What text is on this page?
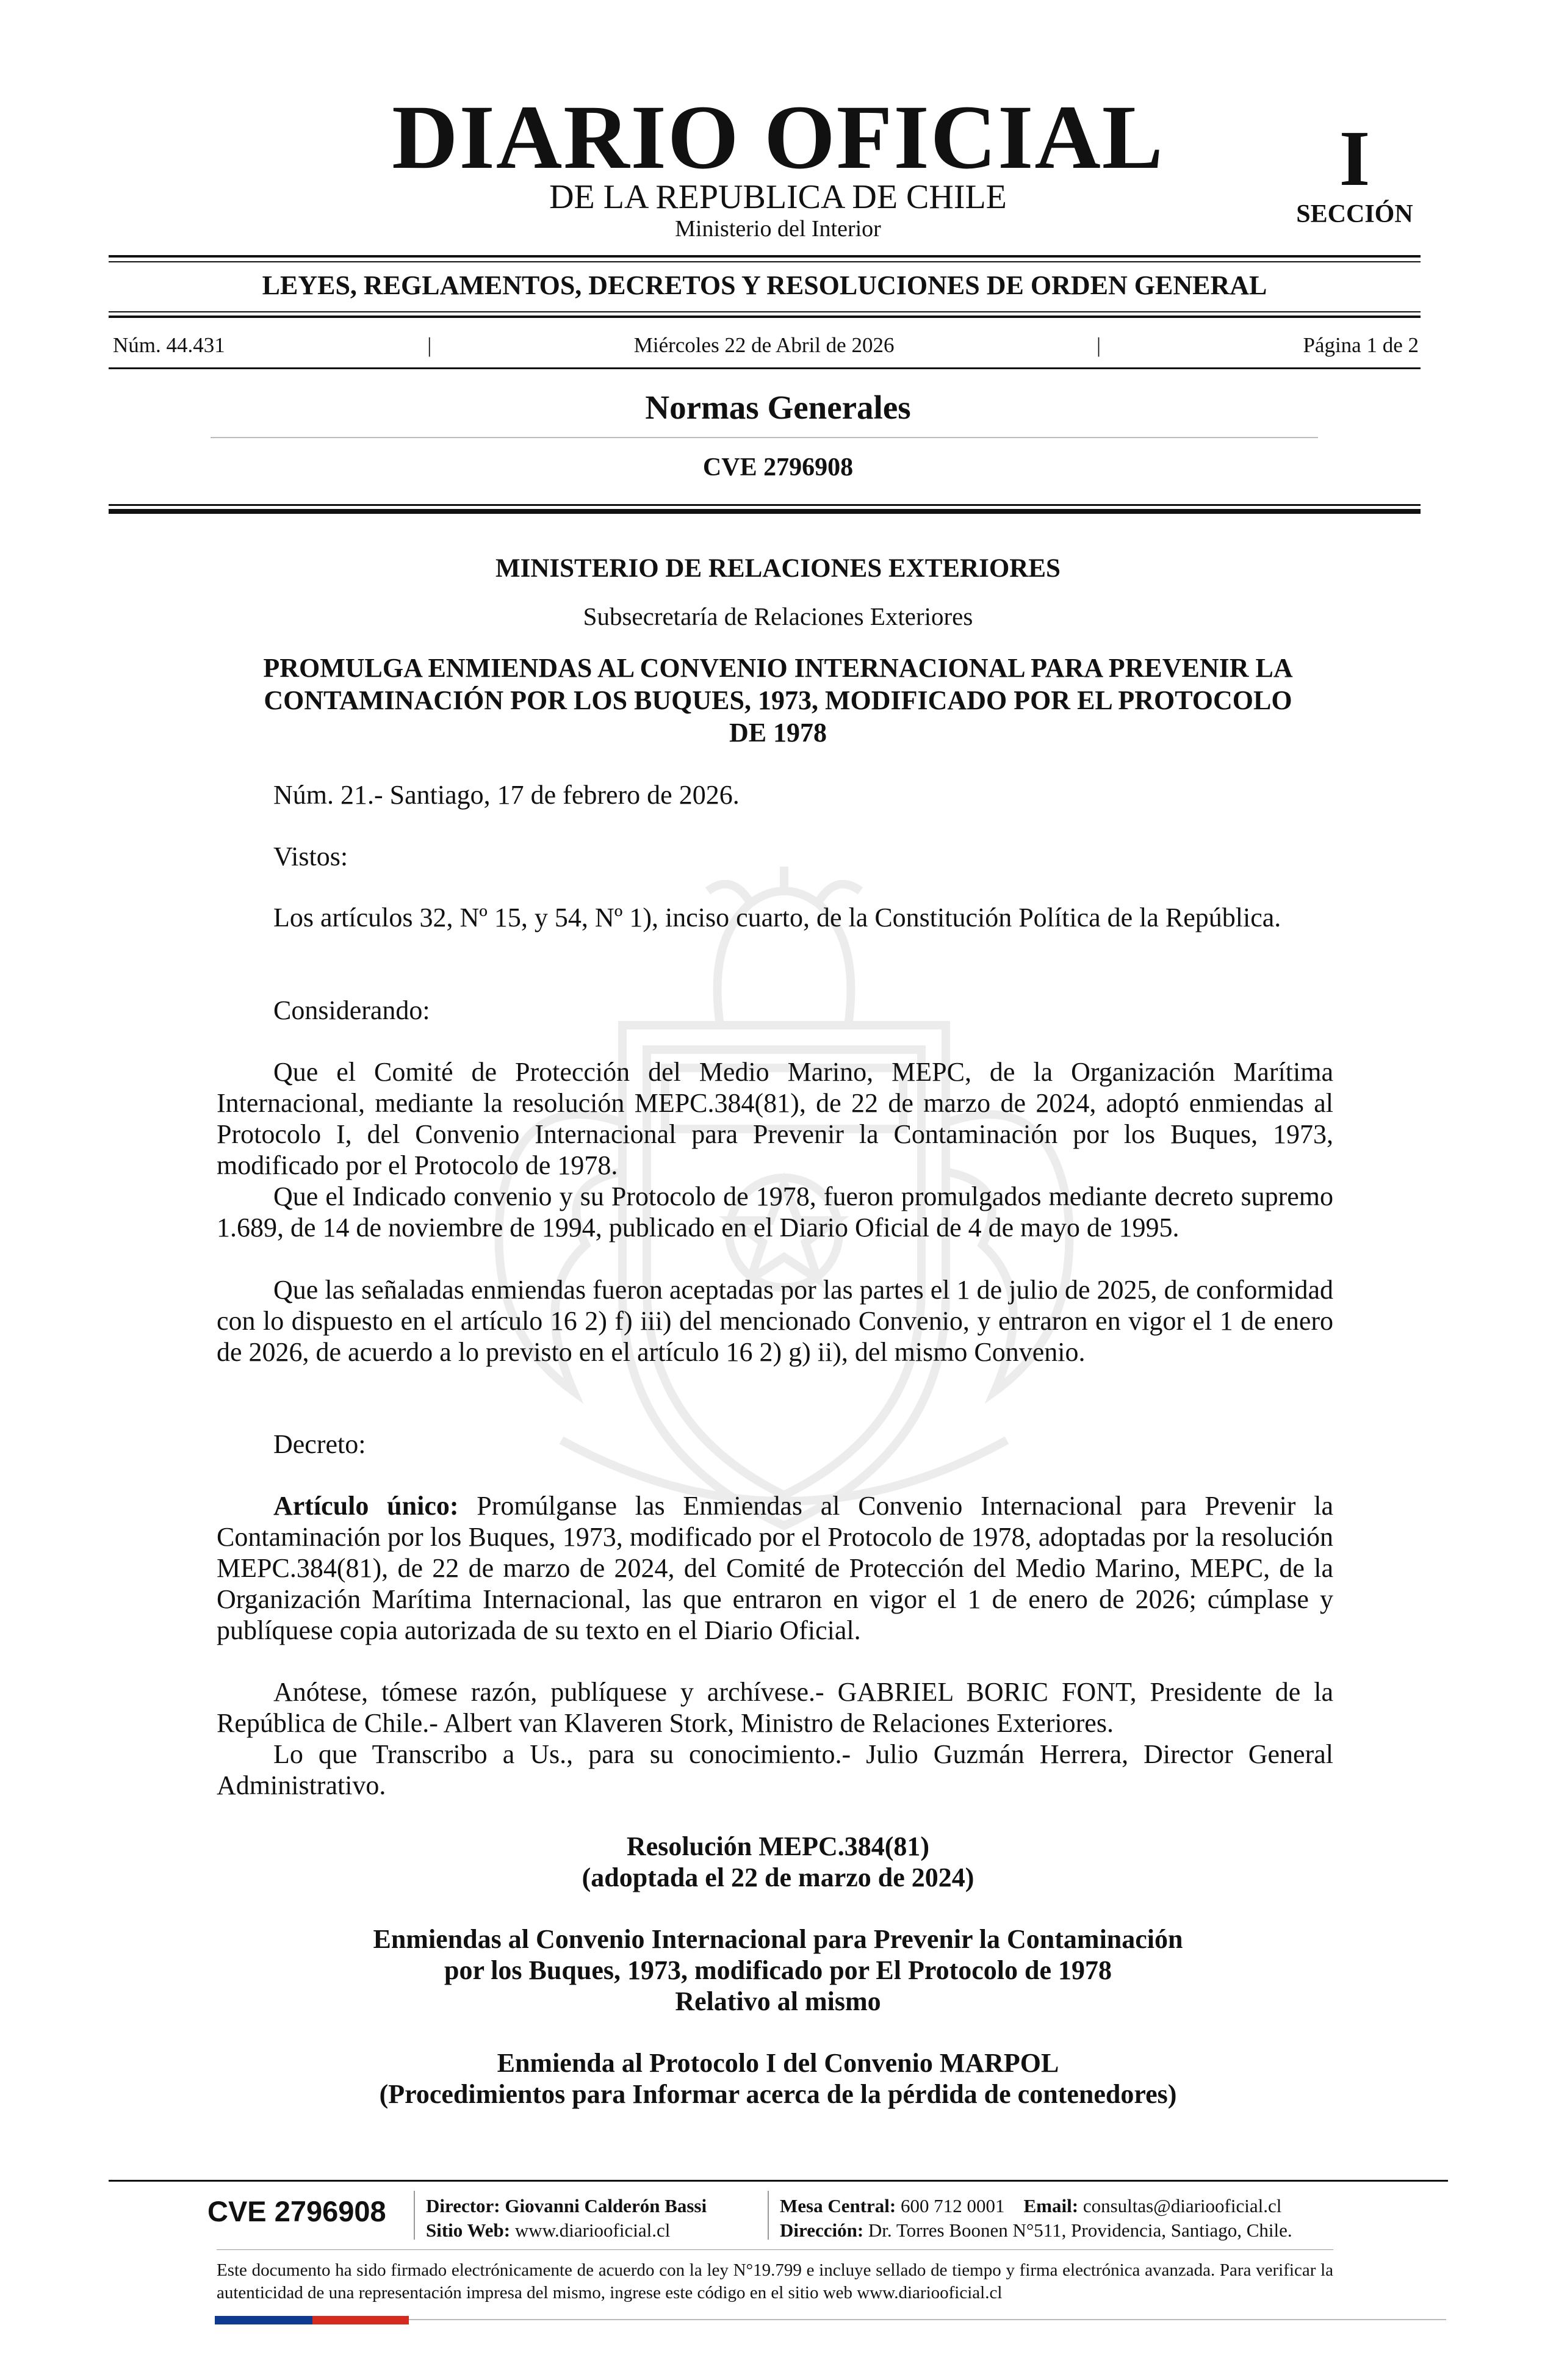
DIARIO OFICIAL
DE LA REPUBLICA DE CHILE
Ministerio del Interior
I
SECCIÓN
LEYES, REGLAMENTOS, DECRETOS Y RESOLUCIONES DE ORDEN GENERAL
Núm. 44.431	|	Miércoles 22 de Abril de 2026	|	Página 1 de 2
Normas Generales
CVE 2796908
MINISTERIO DE RELACIONES EXTERIORES
Subsecretaría de Relaciones Exteriores
PROMULGA ENMIENDAS AL CONVENIO INTERNACIONAL PARA PREVENIR LA
CONTAMINACIÓN POR LOS BUQUES, 1973, MODIFICADO POR EL PROTOCOLO
DE 1978
Núm. 21.- Santiago, 17 de febrero de 2026.
Vistos:
Los artículos 32, Nº 15, y 54, Nº 1), inciso cuarto, de la Constitución Política de la República.
Considerando:
Que el Comité de Protección del Medio Marino, MEPC, de la Organización Marítima Internacional, mediante la resolución MEPC.384(81), de 22 de marzo de 2024, adoptó enmiendas al Protocolo I, del Convenio Internacional para Prevenir la Contaminación por los Buques, 1973, modificado por el Protocolo de 1978.
Que el Indicado convenio y su Protocolo de 1978, fueron promulgados mediante decreto supremo 1.689, de 14 de noviembre de 1994, publicado en el Diario Oficial de 4 de mayo de 1995.
Que las señaladas enmiendas fueron aceptadas por las partes el 1 de julio de 2025, de conformidad con lo dispuesto en el artículo 16 2) f) iii) del mencionado Convenio, y entraron en vigor el 1 de enero de 2026, de acuerdo a lo previsto en el artículo 16 2) g) ii), del mismo Convenio.
Decreto:
Artículo único: Promúlganse las Enmiendas al Convenio Internacional para Prevenir la Contaminación por los Buques, 1973, modificado por el Protocolo de 1978, adoptadas por la resolución MEPC.384(81), de 22 de marzo de 2024, del Comité de Protección del Medio Marino, MEPC, de la Organización Marítima Internacional, las que entraron en vigor el 1 de enero de 2026; cúmplase y publíquese copia autorizada de su texto en el Diario Oficial.
Anótese, tómese razón, publíquese y archívese.- GABRIEL BORIC FONT, Presidente de la República de Chile.- Albert van Klaveren Stork, Ministro de Relaciones Exteriores.
Lo que Transcribo a Us., para su conocimiento.- Julio Guzmán Herrera, Director General Administrativo.
Resolución MEPC.384(81)
(adoptada el 22 de marzo de 2024)
Enmiendas al Convenio Internacional para Prevenir la Contaminación
por los Buques, 1973, modificado por El Protocolo de 1978
Relativo al mismo
Enmienda al Protocolo I del Convenio MARPOL
(Procedimientos para Informar acerca de la pérdida de contenedores)
CVE 2796908	Director: Giovanni Calderón Bassi
Sitio Web: www.diariooficial.cl
Mesa Central: 600 712 0001 Email: consultas@diariooficial.cl
Dirección: Dr. Torres Boonen N°511, Providencia, Santiago, Chile.
Este documento ha sido firmado electrónicamente de acuerdo con la ley N°19.799 e incluye sellado de tiempo y firma electrónica avanzada. Para verificar la autenticidad de una representación impresa del mismo, ingrese este código en el sitio web www.diariooficial.cl
